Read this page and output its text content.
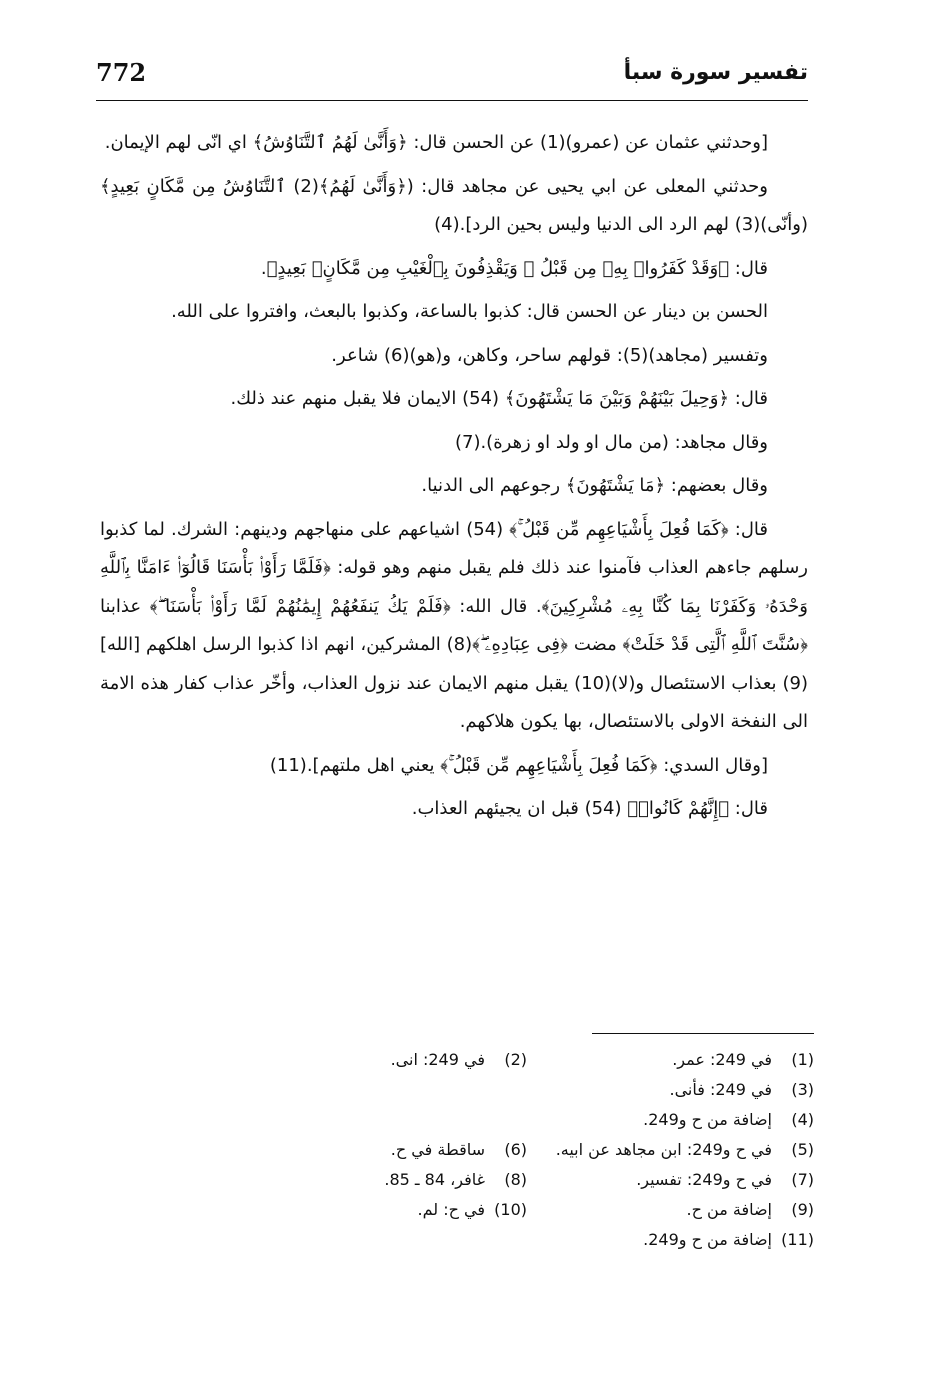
772	تفسير سورة سبأ

[وحدثني عثمان عن (عمرو)(1) عن الحسن قال: ﴿وَأَنَّىٰ لَهُمُ ٱلتَّنَاوُشُ﴾ اي انّى لهم الإيمان.

وحدثني المعلى عن ابي يحيى عن مجاهد قال: (﴿وَأَنَّىٰ لَهُمُ﴾(2) ٱلتَّنَاوُشُ مِن مَّكَانٍ بَعِيدٍ﴾ (وأنّى)(3) لهم الرد الى الدنيا وليس بحين الرد].(4)

قال: ﴿وَقَدْ كَفَرُوا۟ بِهِۦ مِن قَبْلُ ۖ وَيَقْذِفُونَ بِٱلْغَيْبِ مِن مَّكَانٍۭ بَعِيدٍ﴾.

الحسن بن دينار عن الحسن قال: كذبوا بالساعة، وكذبوا بالبعث، وافتروا على الله.

وتفسير (مجاهد)(5): قولهم ساحر، وكاهن، و(هو)(6) شاعر.

قال: ﴿وَحِيلَ بَيْنَهُمْ وَبَيْنَ مَا يَشْتَهُونَ﴾ (54) الايمان فلا يقبل منهم عند ذلك.

وقال مجاهد: (من مال او ولد او زهرة).(7)

وقال بعضهم: ﴿مَا يَشْتَهُونَ﴾ رجوعهم الى الدنيا.

قال: ﴿كَمَا فُعِلَ بِأَشْيَاعِهِم مِّن قَبْلُ ۚ﴾ (54) اشياعهم على منهاجهم ودينهم: الشرك. لما كذبوا رسلهم جاءهم العذاب فآمنوا عند ذلك فلم يقبل منهم وهو قوله: ﴿فَلَمَّا رَأَوْا۟ بَأْسَنَا قَالُوٓا۟ ءَامَنَّا بِٱللَّهِ وَحْدَهُۥ وَكَفَرْنَا بِمَا كُنَّا بِهِۦ مُشْرِكِينَ﴾. قال الله: ﴿فَلَمْ يَكُ يَنفَعُهُمْ إِيمَٰنُهُمْ لَمَّا رَأَوْا۟ بَأْسَنَا ۖ﴾ عذابنا ﴿سُنَّتَ ٱللَّهِ ٱلَّتِى قَدْ خَلَتْ﴾ مضت ﴿فِى عِبَادِهِۦ ۖ﴾(8) المشركين، انهم اذا كذبوا الرسل اهلكهم [الله](9) بعذاب الاستئصال و(لا)(10) يقبل منهم الايمان عند نزول العذاب، وأخّر عذاب كفار هذه الامة الى النفخة الاولى بالاستئصال، بها يكون هلاكهم.

[وقال السدي: ﴿كَمَا فُعِلَ بِأَشْيَاعِهِم مِّن قَبْلُ ۚ﴾ يعني اهل ملتهم].(11)

قال: ﴿إِنَّهُمْ كَانُوا۟﴾ (54) قبل ان يجيئهم العذاب.

(1)في 249: عمر.
(2)في 249: انى.
(3)في 249: فأنى.
(4)إضافة من ح و249.
(5)في ح و249: ابن مجاهد عن ابيه.
(6)ساقطة في ح.
(7)في ح و249: تفسير.
(8)غافر، 84 ـ 85.
(9)إضافة من ح.
(10)في ح: لم.
(11)إضافة من ح و249.
